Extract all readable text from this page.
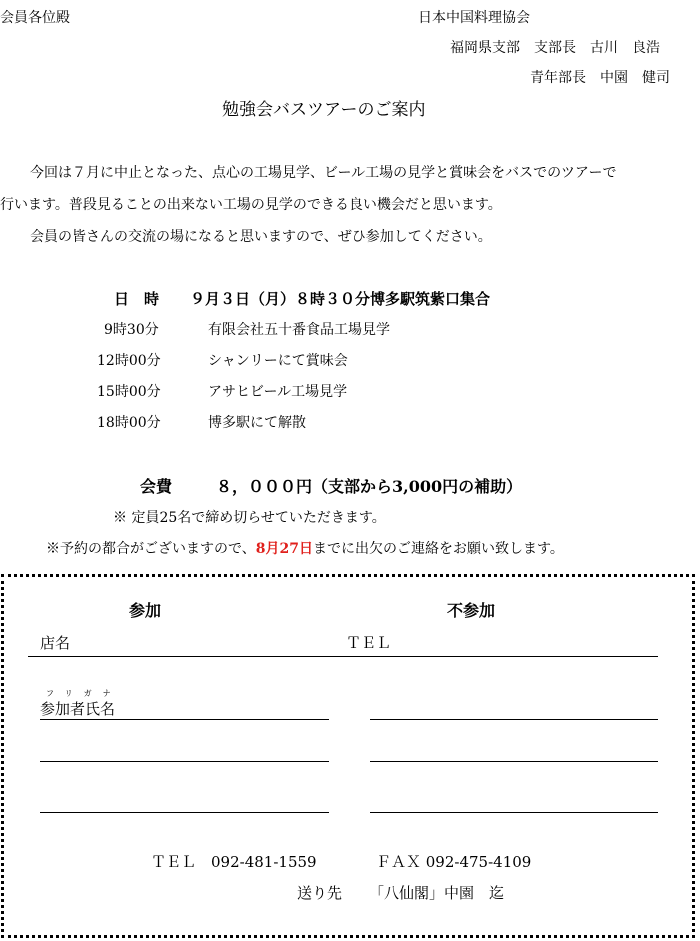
会員各位殿	日本中国料理協会
福岡県支部　支部長　古川　良浩
青年部長　中園　健司
勉強会バスツアーのご案内
今回は７月に中止となった、点心の工場見学、ビール工場の見学と賞味会をバスでのツアーで
行います。普段見ることの出来ない工場の見学のできる良い機会だと思います。
会員の皆さんの交流の場になると思いますので、ぜひ参加してください。
日　時 ９月３日（月）８時３０分博多駅筑紫口集合
9時30分	有限会社五十番食品工場見学
12時00分	シャンリーにて賞味会
15時00分	アサヒビール工場見学
18時00分	博多駅にて解散
会費	８，０００円（支部から3,000円の補助）
※ 定員25名で締め切らせていただきます。
※予約の都合がございますので、8月27日までに出欠のご連絡をお願い致します。
参加	不参加
店名	ＴＥＬ
フリガナ
参加者氏名
ＴＥＬ　092-481-1559	ＦＡＸ 092-475-4109
送り先 「八仙閣」中園　迄
